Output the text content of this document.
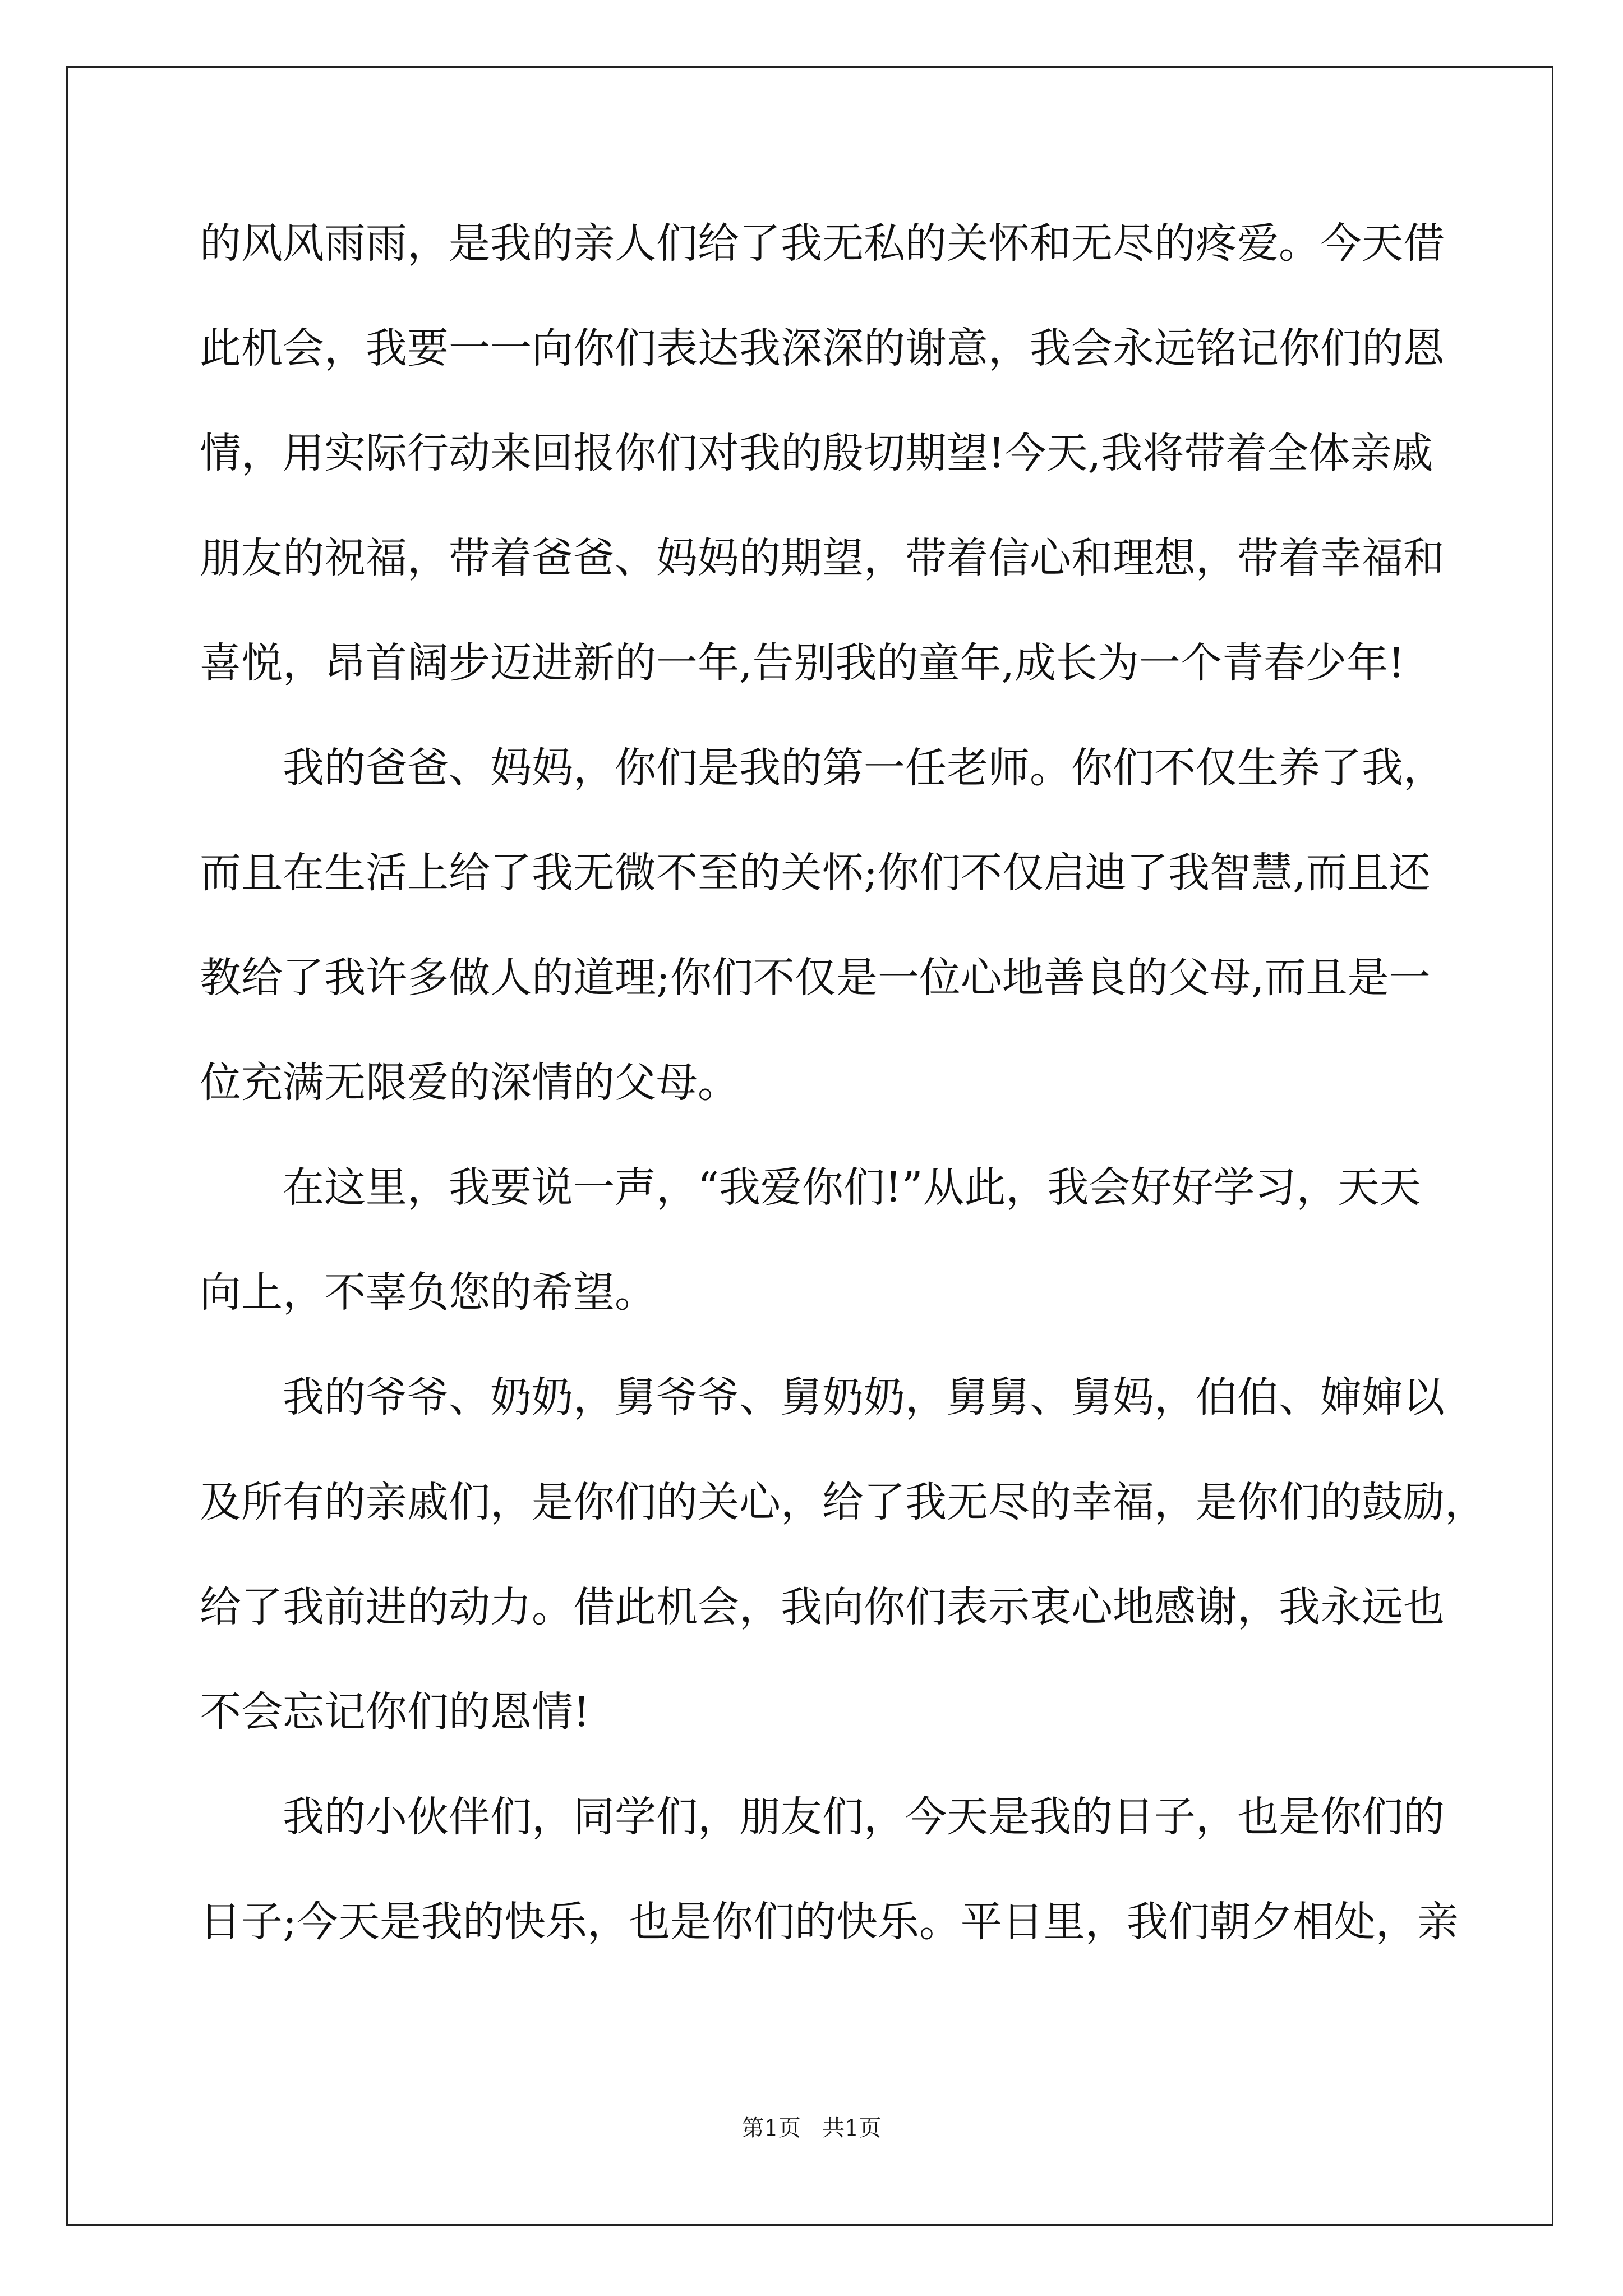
的风风雨雨，是我的亲人们给了我无私的关怀和无尽的疼爱。今天借
此机会，我要一一向你们表达我深深的谢意，我会永远铭记你们的恩
情，用实际行动来回报你们对我的殷切期望!今天,我将带着全体亲戚
朋友的祝福，带着爸爸、妈妈的期望，带着信心和理想，带着幸福和
喜悦，昂首阔步迈进新的一年,告别我的童年,成长为一个青春少年!
我的爸爸、妈妈，你们是我的第一任老师。你们不仅生养了我，
而且在生活上给了我无微不至的关怀;你们不仅启迪了我智慧,而且还
教给了我许多做人的道理;你们不仅是一位心地善良的父母,而且是一
位充满无限爱的深情的父母。
在这里，我要说一声，“我爱你们!”从此，我会好好学习，天天
向上，不辜负您的希望。
我的爷爷、奶奶，舅爷爷、舅奶奶，舅舅、舅妈，伯伯、婶婶以
及所有的亲戚们，是你们的关心，给了我无尽的幸福，是你们的鼓励，
给了我前进的动力。借此机会，我向你们表示衷心地感谢，我永远也
不会忘记你们的恩情!
我的小伙伴们，同学们，朋友们，今天是我的日子，也是你们的
日子;今天是我的快乐，也是你们的快乐。平日里，我们朝夕相处，亲
第1页   共1页
